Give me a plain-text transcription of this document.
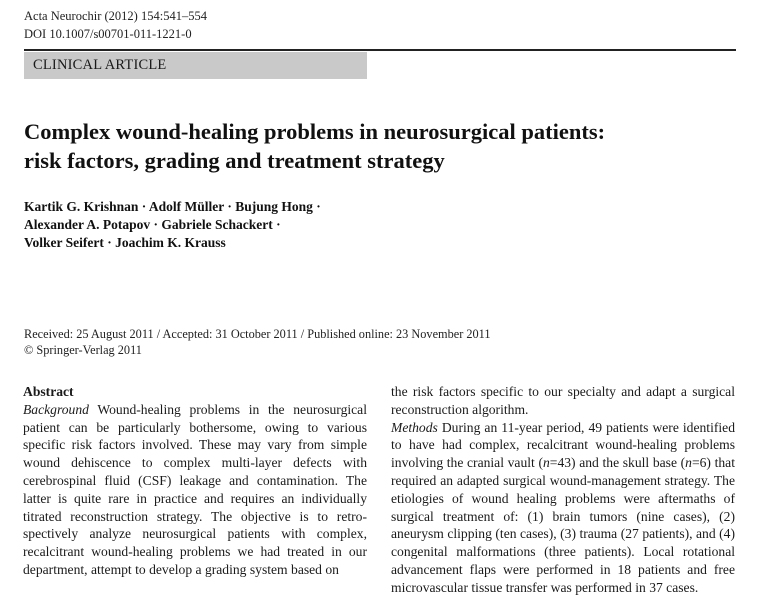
Acta Neurochir (2012) 154:541–554
DOI 10.1007/s00701-011-1221-0
CLINICAL ARTICLE
Complex wound-healing problems in neurosurgical patients:
risk factors, grading and treatment strategy
Kartik G. Krishnan · Adolf Müller · Bujung Hong ·
Alexander A. Potapov · Gabriele Schackert ·
Volker Seifert · Joachim K. Krauss
Received: 25 August 2011 / Accepted: 31 October 2011 / Published online: 23 November 2011
© Springer-Verlag 2011
Abstract

Background Wound-healing problems in the neurosurgical patient can be particularly bothersome, owing to various specific risk factors involved. These may vary from simple wound dehiscence to complex multi-layer defects with cerebrospinal fluid (CSF) leakage and contamination. The latter is quite rare in practice and requires an individually titrated reconstruction strategy. The objective is to retro-spectively analyze neurosurgical patients with complex, recalcitrant wound-healing problems we had treated in our department, attempt to develop a grading system based on

the risk factors specific to our specialty and adapt a surgical reconstruction algorithm.

Methods During an 11-year period, 49 patients were identified to have had complex, recalcitrant wound-healing problems involving the cranial vault (n=43) and the skull base (n=6) that required an adapted surgical wound-management strategy. The etiologies of wound healing problems were aftermaths of surgical treatment of: (1) brain tumors (nine cases), (2) aneurysm clipping (ten cases), (3) trauma (27 patients), and (4) congenital malformations (three patients). Local rotational advancement flaps were performed in 18 patients and free microvascular tissue transfer was performed in 37 cases.
